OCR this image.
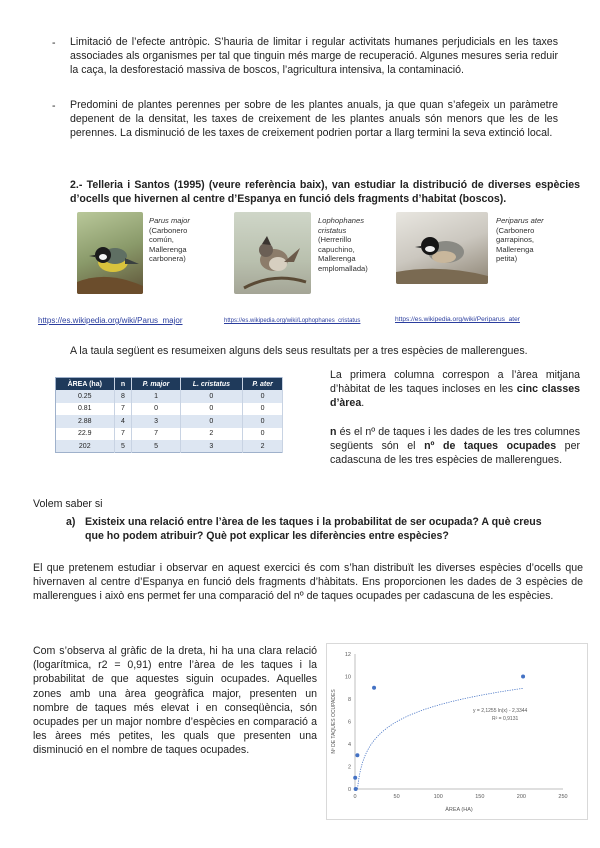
- Limitació de l’efecte antròpic. S’hauria de limitar i regular activitats humanes perjudicials en les taxes associades als organismes per tal que tinguin més marge de recuperació. Algunes mesures seria reduir la caça, la desforestació massiva de boscos, l’agricultura intensiva, la contaminació.
- Predomini de plantes perennes per sobre de les plantes anuals, ja que quan s’afegeix un paràmetre depenent de la densitat, les taxes de creixement de les plantes anuals són menors que les de les perennes. La disminució de les taxes de creixement podrien portar a llarg termini la seva extinció local.
2.- Telleria i Santos (1995) (veure referència baix), van estudiar la distribució de diverses espècies d’ocells que hivernen al centre d’Espanya en funció dels fragments d’habitat (boscos).
Parus major
(Carbonero común, Mallerenga carbonera)
Lophophanes cristatus
(Herrerillo capuchino, Mallerenga emplomallada)
Periparus ater
(Carbonero garrapinos, Mallerenga petita)
https://es.wikipedia.org/wiki/Parus_major	https://es.wikipedia.org/wiki/Lophophanes_cristatus	https://es.wikipedia.org/wiki/Periparus_ater
A la taula següent es resumeixen alguns dels seus resultats per a tres espècies de mallerengues.
ÀREA (ha)	n	P. major	L. cristatus	P. ater
0.25	8	1	0	0
0.81	7	0	0	0
2.88	4	3	0	0
22.9	7	7	2	0
202	5	5	3	2
La primera columna correspon a l’àrea mitjana d’hàbitat de les taques incloses en les cinc classes d’àrea.
n és el nº de taques i les dades de les tres columnes següents són el nº de taques ocupades per cadascuna de les tres espècies de mallerengues.
Volem saber si
a) Existeix una relació entre l’àrea de les taques i la probabilitat de ser ocupada? A què creus que ho podem atribuir? Què pot explicar les diferències entre espècies?
El que pretenem estudiar i observar en aquest exercici és com s’han distribuït les diverses espècies d’ocells que hivernaven al centre d’Espanya en funció dels fragments d’hàbitats. Ens proporcionen les dades de 3 espècies de mallerengues i això ens permet fer una comparació del nº de taques ocupades per cadascuna de les espècies.
Com s’observa al gràfic de la dreta, hi ha una clara relació (logarítmica, r2 = 0,91) entre l’àrea de les taques i la probabilitat de que aquestes siguin ocupades. Aquelles zones amb una àrea geogràfica major, presenten un nombre de taques més elevat i en conseqüència, són ocupades per un major nombre d’espècies en comparació a les àrees més petites, les quals que presenten una disminució en el nombre de taques ocupades.
0	50	100	150	200	250
0
2
4
6
8
10
12
ÀREA (HA)
Nº DE TAQUES OCUPADES	y = 2,1255 ln(x) - 2,3344
R² = 0,9131
